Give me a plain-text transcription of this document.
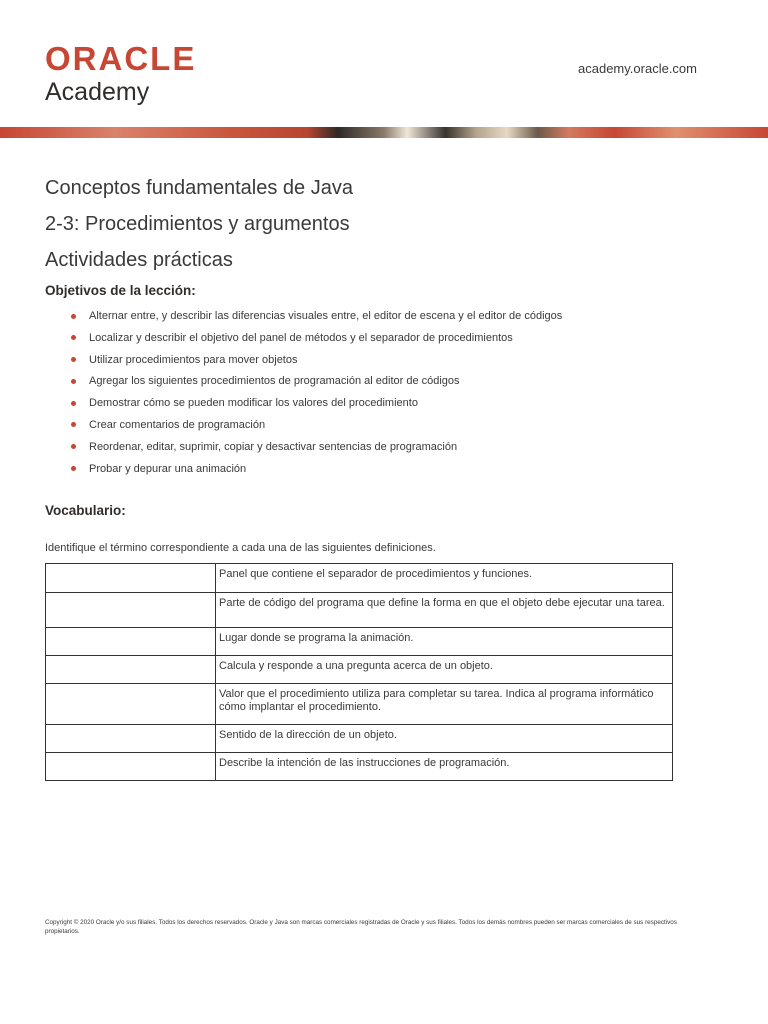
ORACLE
Academy
academy.oracle.com
Conceptos fundamentales de Java
2-3: Procedimientos y argumentos
Actividades prácticas
Objetivos de la lección:
Alternar entre, y describir las diferencias visuales entre, el editor de escena y el editor de códigos
Localizar y describir el objetivo del panel de métodos y el separador de procedimientos
Utilizar procedimientos para mover objetos
Agregar los siguientes procedimientos de programación al editor de códigos
Demostrar cómo se pueden modificar los valores del procedimiento
Crear comentarios de programación
Reordenar, editar, suprimir, copiar y desactivar sentencias de programación
Probar y depurar una animación
Vocabulario:

Identifique el término correspondiente a cada una de las siguientes definiciones.

	Panel que contiene el separador de procedimientos y funciones.
	Parte de código del programa que define la forma en que el objeto debe ejecutar una tarea.
	Lugar donde se programa la animación.
	Calcula y responde a una pregunta acerca de un objeto.
	Valor que el procedimiento utiliza para completar su tarea. Indica al programa informático cómo implantar el procedimiento.
	Sentido de la dirección de un objeto.
	Describe la intención de las instrucciones de programación.

Copyright © 2020 Oracle y/o sus filiales. Todos los derechos reservados. Oracle y Java son marcas comerciales registradas de Oracle y sus filiales. Todos los demás nombres pueden ser marcas comerciales de sus respectivos propietarios.
